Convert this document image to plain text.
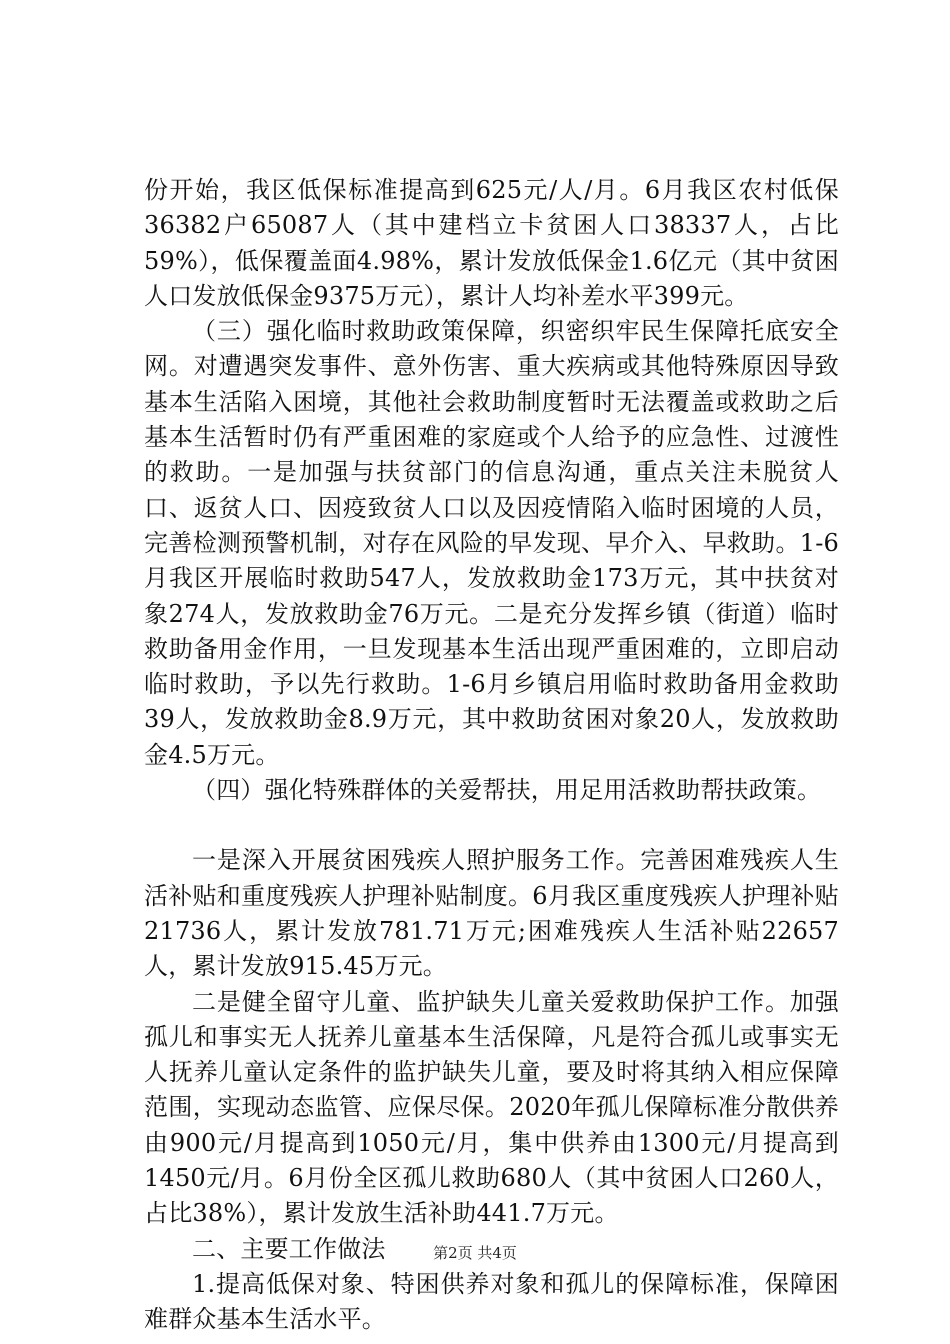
份开始，我区低保标准提高到625元/人/月。6月我区农村低保36382户65087人（其中建档立卡贫困人口38337人，占比59%），低保覆盖面4.98%，累计发放低保金1.6亿元（其中贫困人口发放低保金9375万元），累计人均补差水平399元。

（三）强化临时救助政策保障，织密织牢民生保障托底安全网。对遭遇突发事件、意外伤害、重大疾病或其他特殊原因导致基本生活陷入困境，其他社会救助制度暂时无法覆盖或救助之后基本生活暂时仍有严重困难的家庭或个人给予的应急性、过渡性的救助。一是加强与扶贫部门的信息沟通，重点关注未脱贫人口、返贫人口、因疫致贫人口以及因疫情陷入临时困境的人员，完善检测预警机制，对存在风险的早发现、早介入、早救助。1-6月我区开展临时救助547人，发放救助金173万元，其中扶贫对象274人，发放救助金76万元。二是充分发挥乡镇（街道）临时救助备用金作用，一旦发现基本生活出现严重困难的，立即启动临时救助，予以先行救助。1-6月乡镇启用临时救助备用金救助39人，发放救助金8.9万元，其中救助贫困对象20人，发放救助金4.5万元。

（四）强化特殊群体的关爱帮扶，用足用活救助帮扶政策。

一是深入开展贫困残疾人照护服务工作。完善困难残疾人生活补贴和重度残疾人护理补贴制度。6月我区重度残疾人护理补贴21736人，累计发放781.71万元;困难残疾人生活补贴22657人，累计发放915.45万元。

二是健全留守儿童、监护缺失儿童关爱救助保护工作。加强孤儿和事实无人抚养儿童基本生活保障，凡是符合孤儿或事实无人抚养儿童认定条件的监护缺失儿童，要及时将其纳入相应保障范围，实现动态监管、应保尽保。2020年孤儿保障标准分散供养由900元/月提高到1050元/月，集中供养由1300元/月提高到1450元/月。6月份全区孤儿救助680人（其中贫困人口260人，占比38%），累计发放生活补助441.7万元。

二、主要工作做法

1.提高低保对象、特困供养对象和孤儿的保障标准，保障困难群众基本生活水平。

第2页 共4页
